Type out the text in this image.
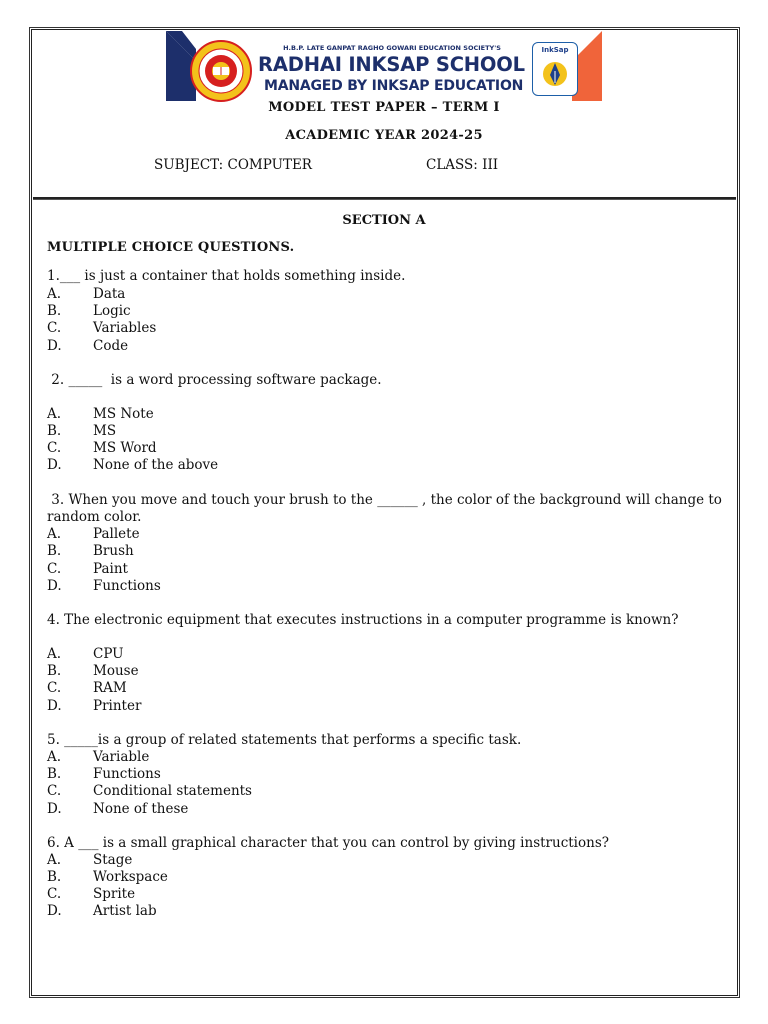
H.B.P. LATE GANPAT RAGHO GOWARI EDUCATION SOCIETY'S
RADHAI INKSAP SCHOOL
MANAGED BY INKSAP EDUCATION
InkSap
MODEL TEST PAPER – TERM I
ACADEMIC YEAR 2024-25
SUBJECT: COMPUTER	CLASS: III
SECTION A
MULTIPLE CHOICE QUESTIONS.
1.___ is just a container that holds something inside.
A. Data
B. Logic
C. Variables
D. Code
2. _____  is a word processing software package.
A. MS Note
B. MS
C. MS Word
D. None of the above
3. When you move and touch your brush to the ______ , the color of the background will change to random color.
A. Pallete
B. Brush
C. Paint
D. Functions
4. The electronic equipment that executes instructions in a computer programme is known?
A. CPU
B. Mouse
C. RAM
D. Printer
5. _____is a group of related statements that performs a specific task.
A. Variable
B. Functions
C. Conditional statements
D. None of these
6. A ___ is a small graphical character that you can control by giving instructions?
A. Stage
B. Workspace
C. Sprite
D. Artist lab
